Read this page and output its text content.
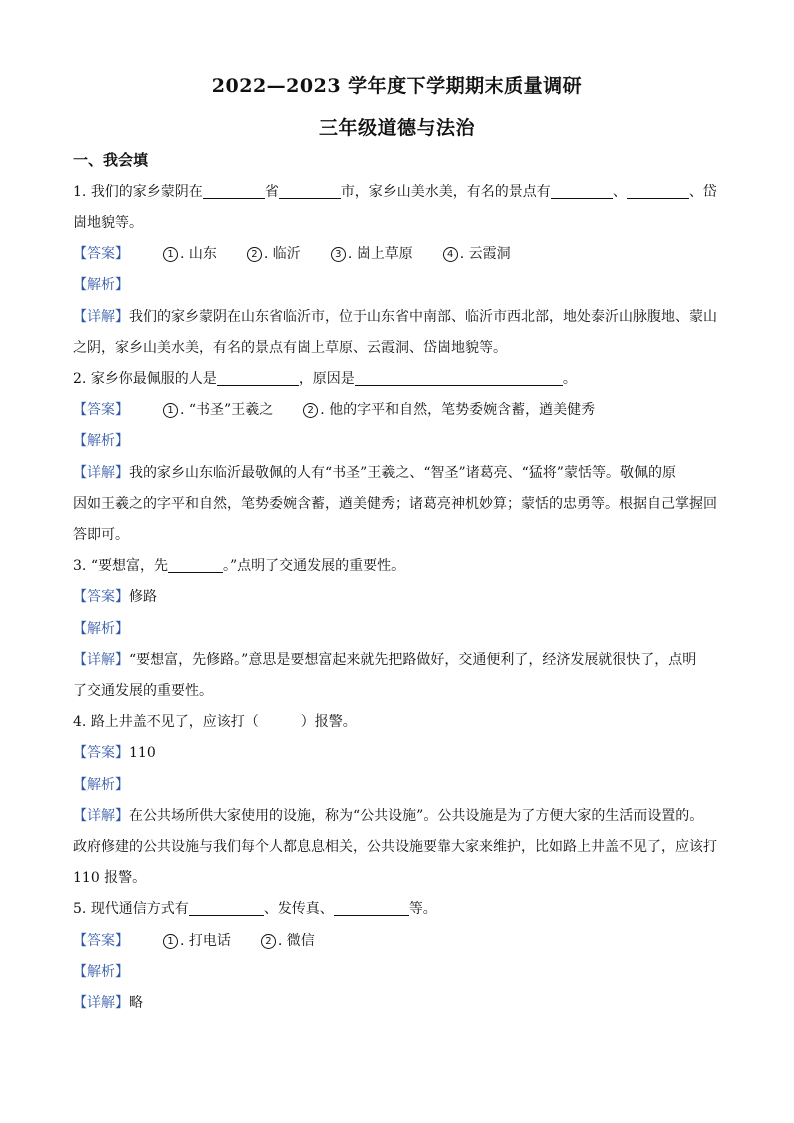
2022—2023 学年度下学期期末质量调研
三年级道德与法治
一、我会填
1. 我们的家乡蒙阴在	省	市，家乡山美水美，有名的景点有	、	、岱
崮地貌等。
【答案】	1 . 山东	2 . 临沂	3 . 崮上草原	4 . 云霞洞
【解析】
【详解】我们的家乡蒙阴在山东省临沂市，位于山东省中南部、临沂市西北部，地处泰沂山脉腹地、蒙山
之阴，家乡山美水美，有名的景点有崮上草原、云霞洞、岱崮地貌等。
2. 家乡你最佩服的人是	，原因是	。
【答案】	1 . “书圣”王羲之	2 . 他的字平和自然，笔势委婉含蓄，遒美健秀
【解析】
【详解】我的家乡山东临沂最敬佩的人有“书圣”王羲之、“智圣”诸葛亮、“猛将”蒙恬等。敬佩的原
因如王羲之的字平和自然，笔势委婉含蓄，遒美健秀；诸葛亮神机妙算；蒙恬的忠勇等。根据自己掌握回
答即可。
3. “要想富，先	。”点明了交通发展的重要性。
【答案】修路
【解析】
【详解】“要想富，先修路。”意思是要想富起来就先把路做好，交通便利了，经济发展就很快了，点明
了交通发展的重要性。
4. 路上井盖不见了，应该打（　　　）报警。
【答案】110
【解析】
【详解】在公共场所供大家使用的设施，称为“公共设施”。公共设施是为了方便大家的生活而设置的。
政府修建的公共设施与我们每个人都息息相关，公共设施要靠大家来维护，比如路上井盖不见了，应该打
110 报警。
5. 现代通信方式有	、发传真、	等。
【答案】	1 . 打电话	2 . 微信
【解析】
【详解】略
